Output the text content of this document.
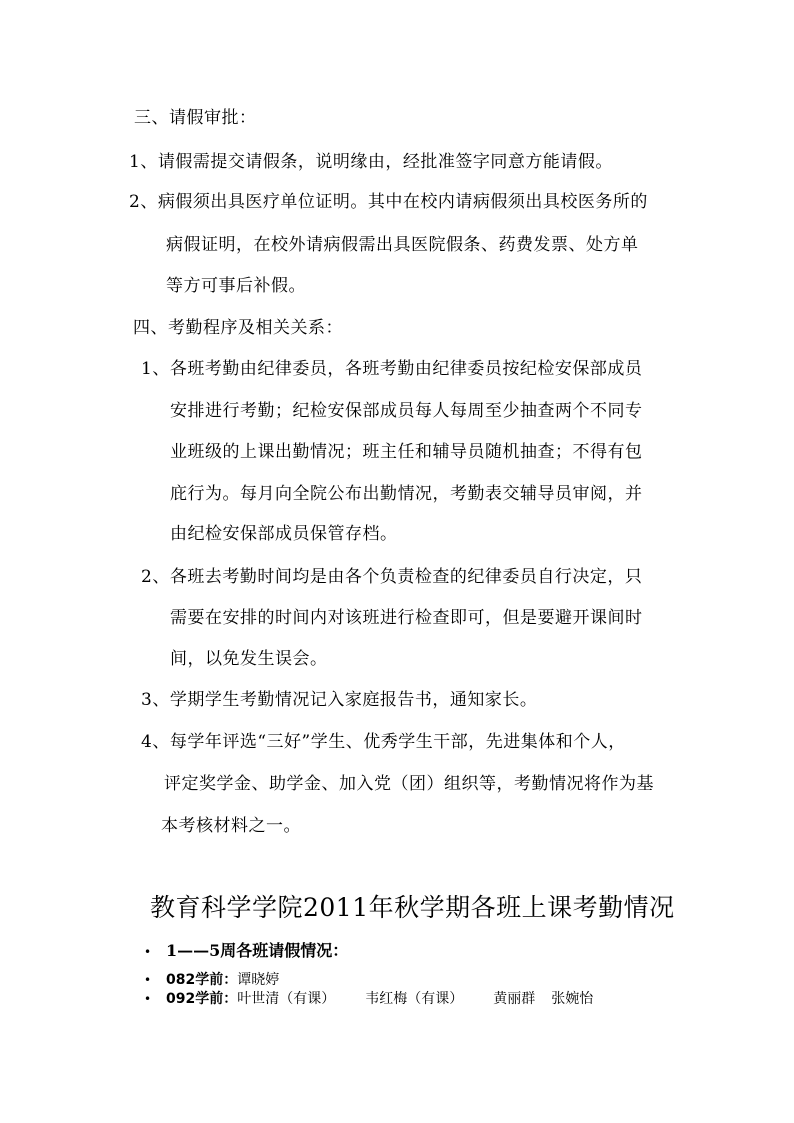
三、请假审批：
1、请假需提交请假条，说明缘由，经批准签字同意方能请假。
2、病假须出具医疗单位证明。其中在校内请病假须出具校医务所的
病假证明，在校外请病假需出具医院假条、药费发票、处方单
等方可事后补假。
四、考勤程序及相关关系：
1、各班考勤由纪律委员，各班考勤由纪律委员按纪检安保部成员
安排进行考勤；纪检安保部成员每人每周至少抽查两个不同专
业班级的上课出勤情况；班主任和辅导员随机抽查；不得有包
庇行为。每月向全院公布出勤情况，考勤表交辅导员审阅，并
由纪检安保部成员保管存档。
2、各班去考勤时间均是由各个负责检查的纪律委员自行决定，只
需要在安排的时间内对该班进行检查即可，但是要避开课间时
间，以免发生误会。
3、学期学生考勤情况记入家庭报告书，通知家长。
4、每学年评选“三好”学生、优秀学生干部，先进集体和个人，
评定奖学金、助学金、加入党（团）组织等，考勤情况将作为基
本考核材料之一。
教育科学学院2011年秋学期各班上课考勤情况
• 1——5周各班请假情况：
• 082学前：谭晓婷
• 092学前：叶世清（有课） 韦红梅（有课） 黄丽群 张婉怡
